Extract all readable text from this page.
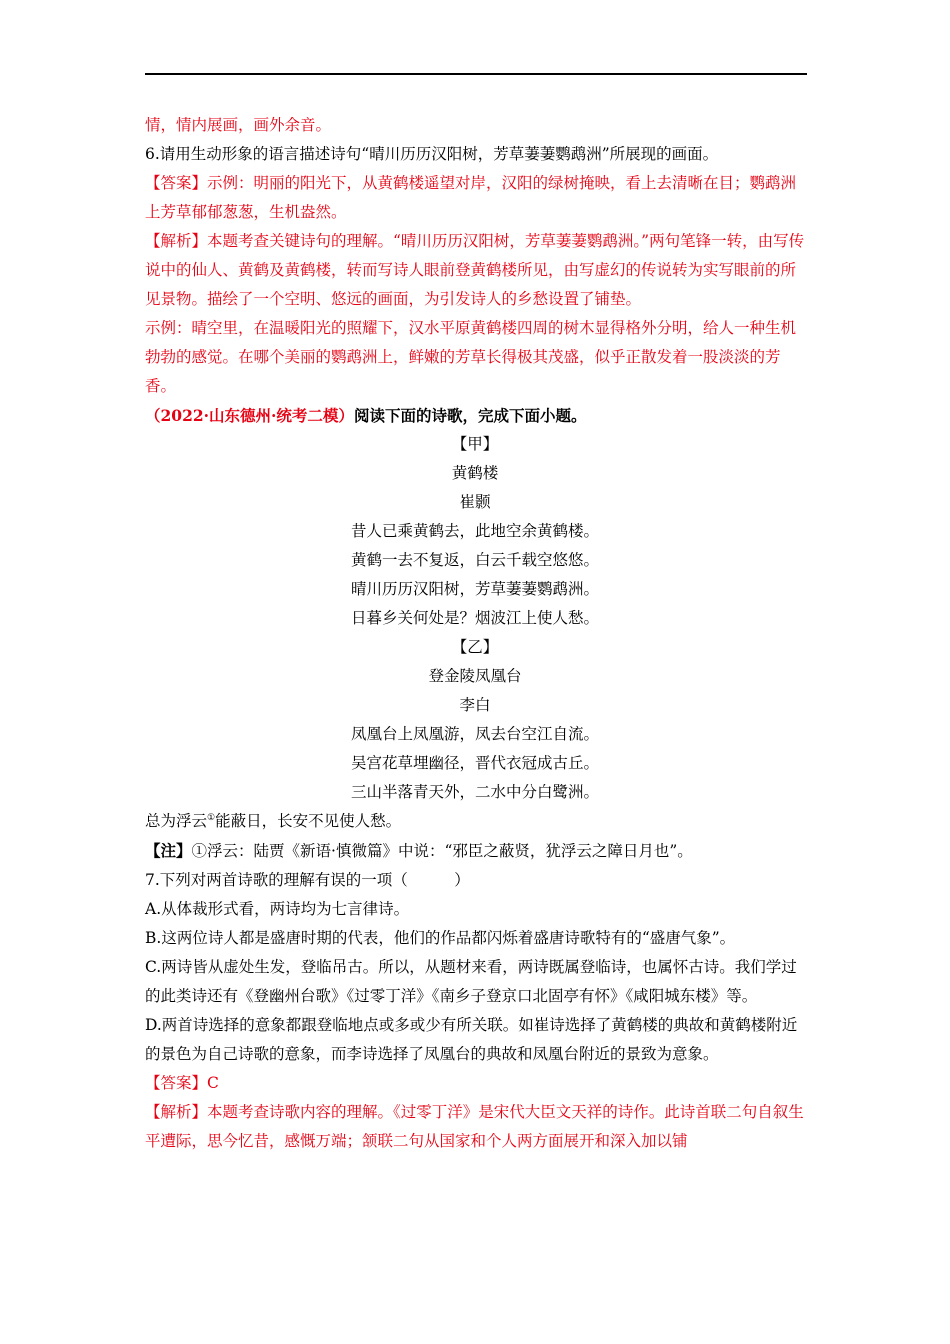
情，情内展画，画外余音。

6.请用生动形象的语言描述诗句“晴川历历汉阳树，芳草萋萋鹦鹉洲”所展现的画面。

【答案】示例：明丽的阳光下，从黄鹤楼遥望对岸，汉阳的绿树掩映，看上去清晰在目；鹦鹉洲上芳草郁郁葱葱，生机盎然。

【解析】本题考查关键诗句的理解。“晴川历历汉阳树，芳草萋萋鹦鹉洲。”两句笔锋一转，由写传说中的仙人、黄鹤及黄鹤楼，转而写诗人眼前登黄鹤楼所见，由写虚幻的传说转为实写眼前的所见景物。描绘了一个空明、悠远的画面，为引发诗人的乡愁设置了铺垫。

示例：晴空里，在温暖阳光的照耀下，汉水平原黄鹤楼四周的树木显得格外分明，给人一种生机勃勃的感觉。在哪个美丽的鹦鹉洲上，鲜嫩的芳草长得极其茂盛，似乎正散发着一股淡淡的芳香。

（2022·山东德州·统考二模）阅读下面的诗歌，完成下面小题。

【甲】

黄鹤楼

崔颢

昔人已乘黄鹤去，此地空余黄鹤楼。

黄鹤一去不复返，白云千载空悠悠。

晴川历历汉阳树，芳草萋萋鹦鹉洲。

日暮乡关何处是？烟波江上使人愁。

【乙】

登金陵凤凰台

李白

凤凰台上凤凰游，凤去台空江自流。

吴宫花草埋幽径，晋代衣冠成古丘。

三山半落青天外，二水中分白鹭洲。

总为浮云①能蔽日，长安不见使人愁。

【注】①浮云：陆贾《新语·慎微篇》中说：“邪臣之蔽贤，犹浮云之障日月也”。

7.下列对两首诗歌的理解有误的一项（　　　）

A.从体裁形式看，两诗均为七言律诗。

B.这两位诗人都是盛唐时期的代表，他们的作品都闪烁着盛唐诗歌特有的“盛唐气象”。

C.两诗皆从虚处生发，登临吊古。所以，从题材来看，两诗既属登临诗，也属怀古诗。我们学过的此类诗还有《登幽州台歌》《过零丁洋》《南乡子登京口北固亭有怀》《咸阳城东楼》等。

D.两首诗选择的意象都跟登临地点或多或少有所关联。如崔诗选择了黄鹤楼的典故和黄鹤楼附近的景色为自己诗歌的意象，而李诗选择了凤凰台的典故和凤凰台附近的景致为意象。

【答案】C

【解析】本题考查诗歌内容的理解。《过零丁洋》是宋代大臣文天祥的诗作。此诗首联二句自叙生平遭际，思今忆昔，感慨万端；颔联二句从国家和个人两方面展开和深入加以铺
